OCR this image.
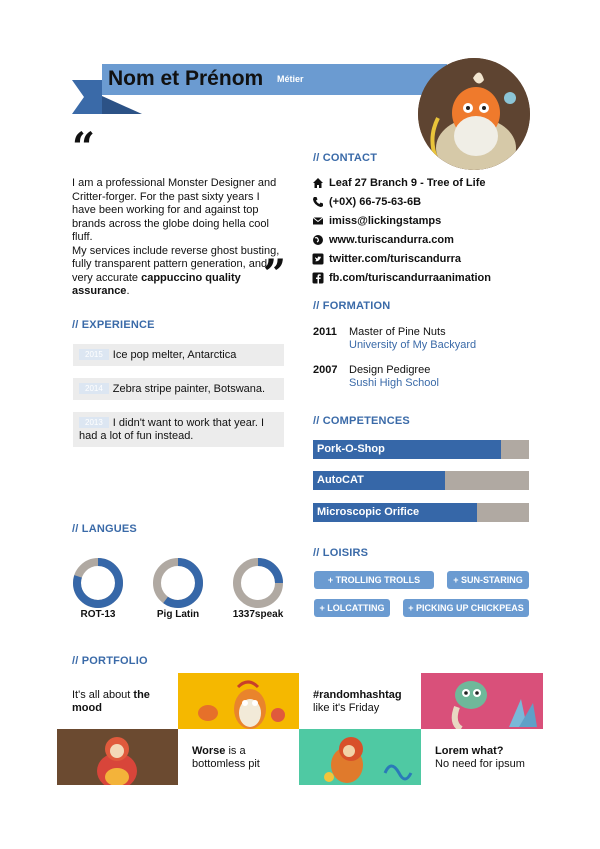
Nom et Prénom Métier
“
I am a professional Monster Designer and Critter-forger. For the past sixty years I have been working for and against top brands across the globe doing hella cool fluff.
My services include reverse ghost busting, fully transparent pattern generation, and very accurate cappuccino quality assurance.	”
// EXPERIENCE
2015 Ice pop melter, Antarctica
2014 Zebra stripe painter, Botswana.
2013 I didn't want to work that year. I had a lot of fun instead.
// CONTACT
Leaf 27 Branch 9 - Tree of Life
(+0X) 66-75-63-6B
imiss@lickingstamps
www.turiscandurra.com
twitter.com/turiscandurra
fb.com/turiscandurraanimation
// FORMATION
2011 Master of Pine Nuts
University of My Backyard
2007 Design Pedigree
Sushi High School
// COMPETENCES
Pork-O-Shop
AutoCAT
Microscopic Orifice
// LANGUES
ROT-13	Pig Latin	1337speak
// LOISIRS
+ TROLLING TROLLS	+ SUN-STARING
+ LOLCATTING	+ PICKING UP CHICKPEAS
// PORTFOLIO
It's all about the mood
#randomhashtag
like it's Friday
Worse is a bottomless pit
Lorem what?
No need for ipsum
